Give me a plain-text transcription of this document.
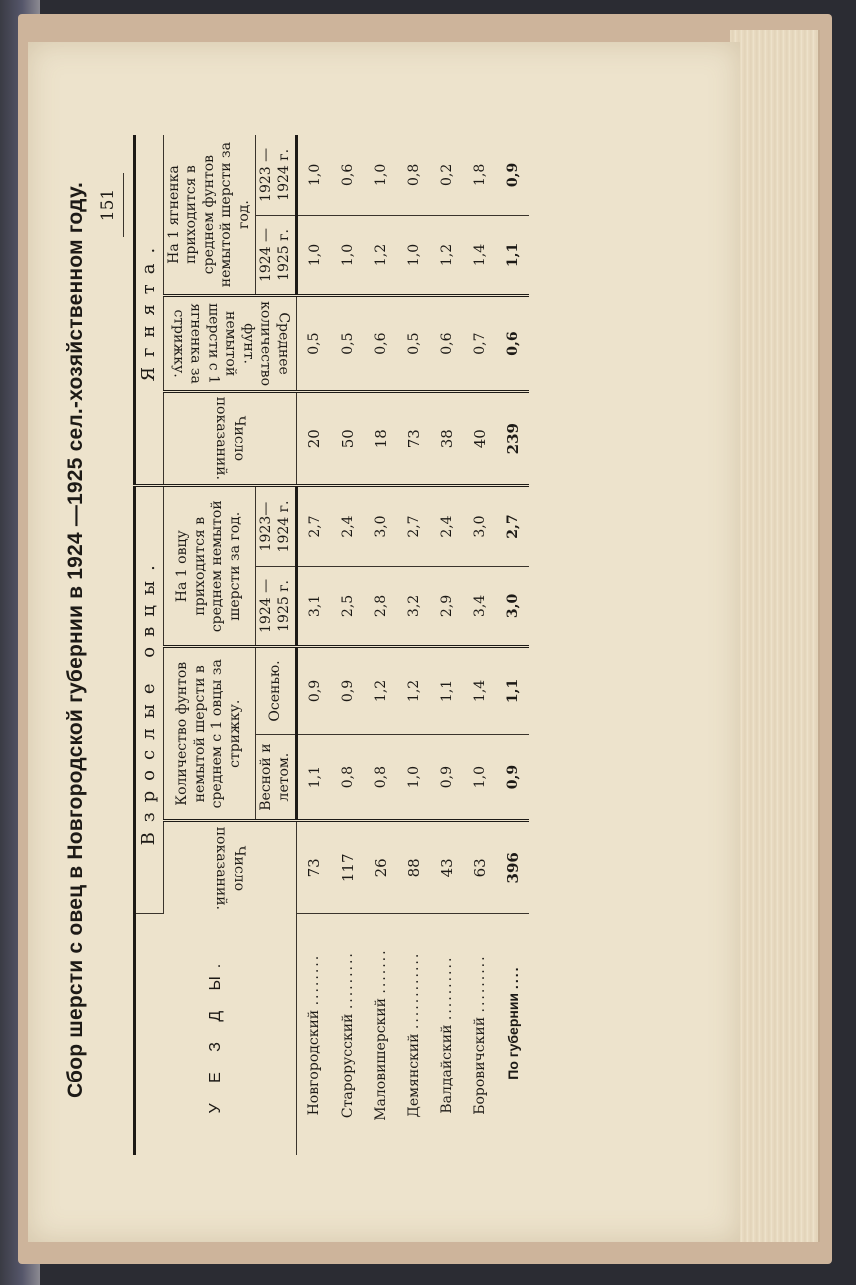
Сбор шерсти с овец в Новгородской губернии в 1924 —1925 сел.-хозяйственном году. 151
У Е З Д Ы.	Взрослые овцы.					Ягнята.			
	Число показаний.	Количество фунтов немытой шерсти в среднем с 1 овцы за стрижку.		На 1 овцу приходится в среднем немытой шерсти за год.		Число показаний.	Среднее количество фунт. немытой шерсти с 1 ягненка за стрижку.	На 1 ягненка приходится в среднем фунтов немытой шерсти за год.	
		Весной и летом.	Осенью.	1924 — 1925 г.	1923— 1924 г.			1924 — 1925 г.	1923 — 1924 г.
Новгородский ........	73	1,1	0,9	3,1	2,7	20	0,5	1,0	1,0
Старорусский .........	117	0,8	0,9	2,5	2,4	50	0,5	1,0	0,6
Маловишерский .......	26	0,8	1,2	2,8	3,0	18	0,6	1,2	1,0
Демянский ............	88	1,0	1,2	3,2	2,7	73	0,5	1,0	0,8
Валдайский ..........	43	0,9	1,1	2,9	2,4	38	0,6	1,2	0,2
Боровичский .........	63	1,0	1,4	3,4	3,0	40	0,7	1,4	1,8
По губернии ....	396	0,9	1,1	3,0	2,7	239	0,6	1,1	0,9
